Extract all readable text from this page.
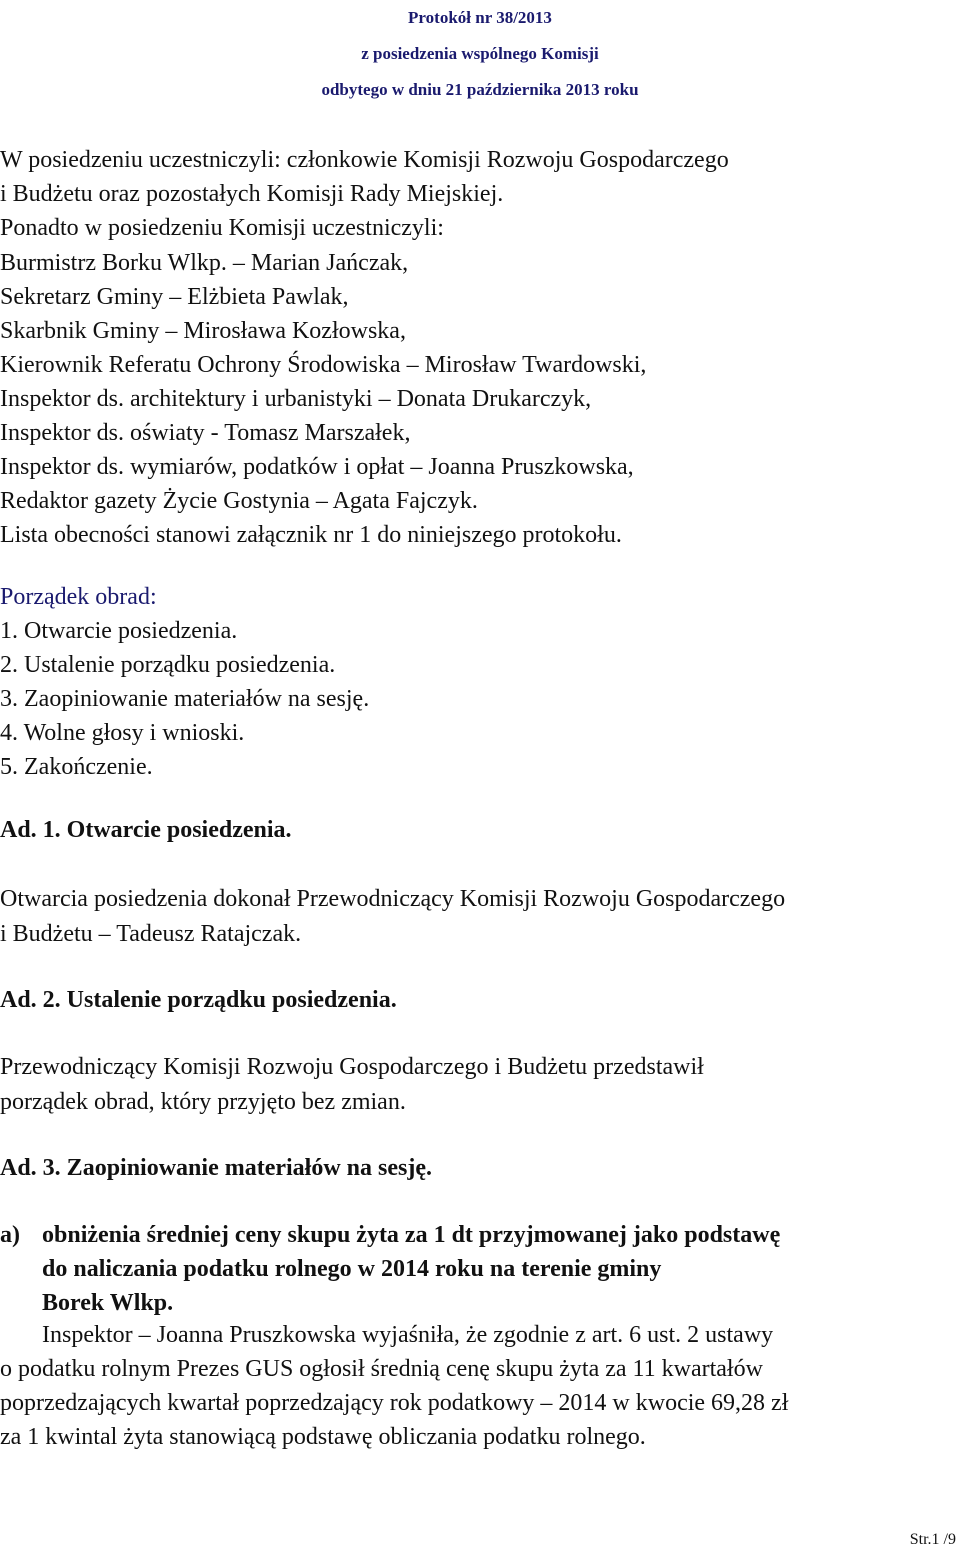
Protokół nr 38/2013
z posiedzenia wspólnego Komisji
odbytego w dniu 21 października 2013 roku
W posiedzeniu uczestniczyli: członkowie Komisji Rozwoju Gospodarczego
i Budżetu oraz pozostałych Komisji Rady Miejskiej.
Ponadto w posiedzeniu Komisji uczestniczyli:
Burmistrz Borku Wlkp. – Marian Jańczak,
Sekretarz Gminy – Elżbieta Pawlak,
Skarbnik Gminy – Mirosława Kozłowska,
Kierownik Referatu Ochrony Środowiska – Mirosław Twardowski,
Inspektor ds. architektury i urbanistyki – Donata Drukarczyk,
Inspektor ds. oświaty - Tomasz Marszałek,
Inspektor ds. wymiarów, podatków i opłat – Joanna Pruszkowska,
Redaktor gazety Życie Gostynia – Agata Fajczyk.
Lista obecności stanowi załącznik nr 1 do niniejszego protokołu.
Porządek obrad:
1. Otwarcie posiedzenia.
2. Ustalenie porządku posiedzenia.
3. Zaopiniowanie materiałów na sesję.
4. Wolne głosy i wnioski.
5. Zakończenie.
Ad. 1. Otwarcie posiedzenia.
Otwarcia posiedzenia dokonał Przewodniczący Komisji Rozwoju Gospodarczego
i Budżetu – Tadeusz Ratajczak.
Ad. 2. Ustalenie porządku posiedzenia.
Przewodniczący Komisji Rozwoju Gospodarczego i Budżetu przedstawił
porządek obrad, który przyjęto bez zmian.
Ad. 3. Zaopiniowanie materiałów na sesję.
a) obniżenia średniej ceny skupu żyta za 1 dt przyjmowanej jako podstawę
do naliczania podatku rolnego w 2014 roku na terenie gminy
Borek Wlkp.
Inspektor – Joanna Pruszkowska wyjaśniła, że zgodnie z art. 6 ust. 2 ustawy
o podatku rolnym Prezes GUS ogłosił średnią cenę skupu żyta za 11 kwartałów
poprzedzających kwartał poprzedzający rok podatkowy – 2014 w kwocie 69,28 zł
za 1 kwintal żyta stanowiącą podstawę obliczania podatku rolnego.
Str.1 /9
